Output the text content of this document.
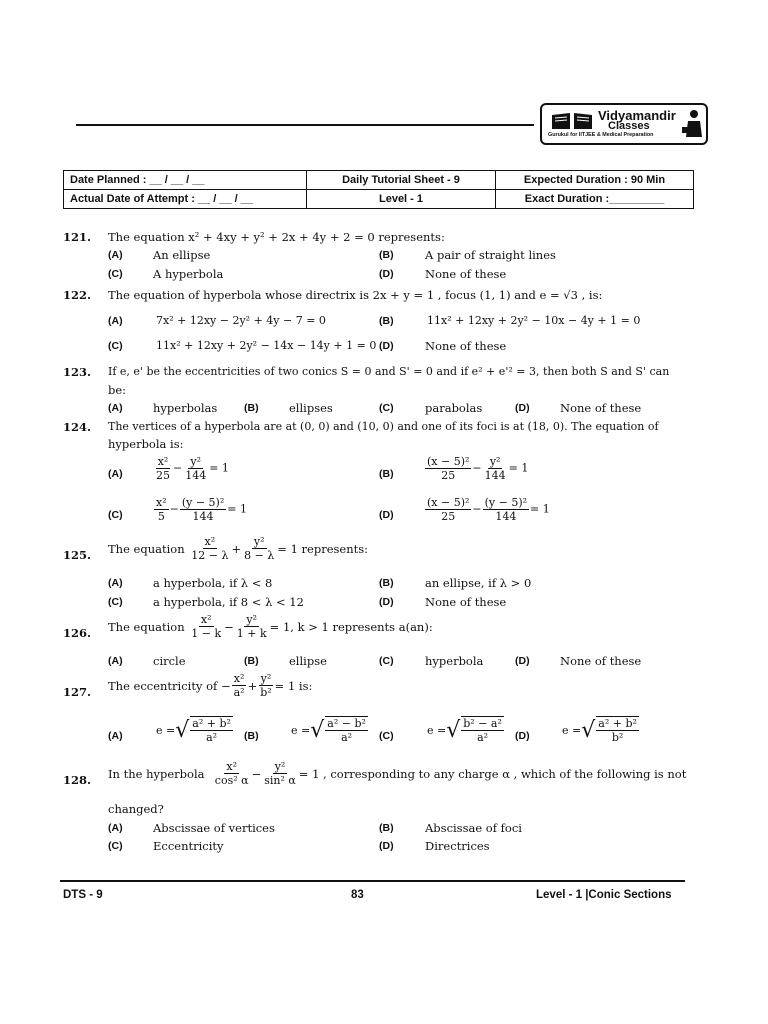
Vidyamandir
Classes
Gurukul for IITJEE & Medical Preparation
Date Planned : __ / __ / __	Daily Tutorial Sheet - 9	Expected Duration : 90 Min
Actual Date of Attempt : __ / __ / __	Level - 1	Exact Duration :_________
121. The equation x² + 4xy + y² + 2x + 4y + 2 = 0 represents:
(A)	An ellipse	(B)	A pair of straight lines
(C)	A hyperbola	(D)	None of these
122. The equation of hyperbola whose directrix is 2x + y = 1 , focus (1, 1) and e = √3 , is:
(A)	7x² + 12xy − 2y² + 4y − 7 = 0	(B)	11x² + 12xy + 2y² − 10x − 4y + 1 = 0
(C)	11x² + 12xy + 2y² − 14x − 14y + 1 = 0 (D)	None of these
123. If e, e' be the eccentricities of two conics S = 0 and S' = 0 and if e² + e'² = 3, then both S and S' can
be:
(A)	hyperbolas	(B)	ellipses	(C)	parabolas	(D)	None of these
124. The vertices of a hyperbola are at (0, 0) and (10, 0) and one of its foci is at (18, 0). The equation of
hyperbola is:
(A)	$\frac{\text{x²}}{25} - \frac{\text{y²}}{144} = 1$	(B)	$\frac{\text{(x − 5)²}}{25} - \frac{\text{y²}}{144} = 1$
(C)	$\frac{\text{x²}}{5} - \frac{\text{(y − 5)²}}{144} = 1$	(D)	$\frac{\text{(x − 5)²}}{25} - \frac{\text{(y − 5)²}}{144} = 1$
125. The equation
$\frac{\text{x²}}{12 - \lambda} + \frac{\text{y²}}{8 - \lambda} = 1$ represents:
(A)	a hyperbola, if λ < 8	(B)	an ellipse, if λ > 0
(C)	a hyperbola, if 8 < λ < 12	(D)	None of these
126. The equation
$\frac{\text{x²}}{1 - k} - \frac{\text{y²}}{1 + k} = 1$, k > 1 represents a(an):
(A)	circle	(B)	ellipse	(C)	hyperbola	(D)	None of these
127. The eccentricity of − $\frac{\text{x²}}{\text{a²}} + \frac{\text{y²}}{\text{b²}} = 1$ is:
(A)	e = √ $\frac{\text{a² + b²}}{\text{a²}} (B)$	e = √ $\frac{\text{a² − b²}}{\text{a²}} (C)$	e = √ $\frac{\text{b² − a²}}{\text{a²}} (D)$	e = √ $\frac{\text{a² + b²}}{\text{b²}}$
128. In the hyperbola
$\frac{\text{x²}}{\text{cos² α}} - \frac{\text{y²}}{\text{sin² α}} = 1$ , corresponding to any charge α , which of the following is not
changed?
(A)	Abscissae of vertices	(B)	Abscissae of foci
(C)	Eccentricity	(D)	Directrices
DTS - 9	83	Level - 1 |Conic Sections
